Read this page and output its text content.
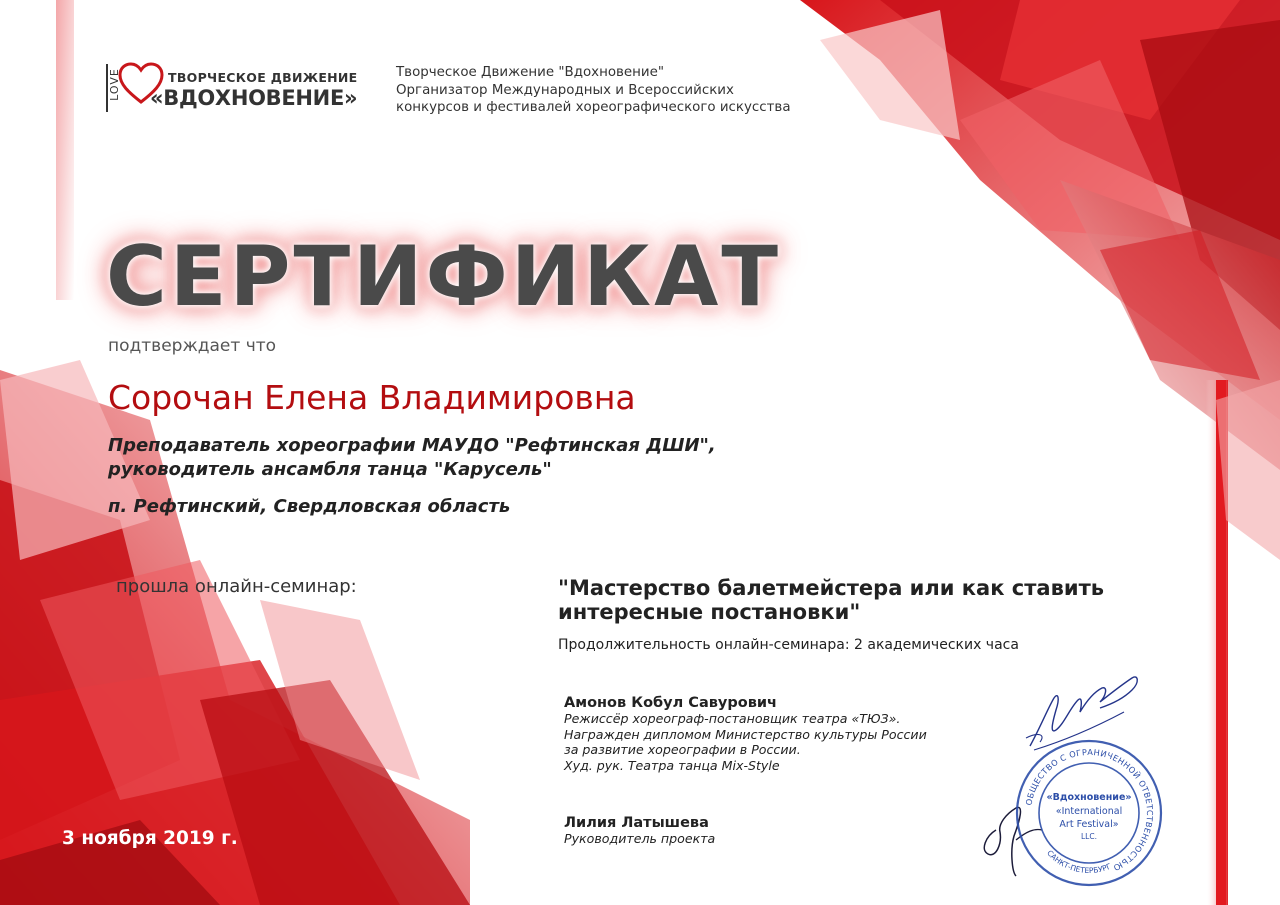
LOVE	ТВОРЧЕСКОЕ ДВИЖЕНИЕ
«ВДОХНОВЕНИЕ»
Творческое Движение "Вдохновение"
Организатор Международных и Всероссийских
конкурсов и фестивалей хореографического искусства
СЕРТИФИКАТ
подтверждает что
Сорочан Елена Владимировна
Преподаватель хореографии МАУДО "Рефтинская ДШИ",
руководитель ансамбля танца "Карусель"
п. Рефтинский, Свердловская область
прошла онлайн-семинар:	"Мастерство балетмейстера или как ставить
интересные постановки"
Продолжительность онлайн-семинара: 2 академических часа
Амонов Кобул Савурович
Режиссёр хореограф-постановщик театра «ТЮЗ».
Награжден дипломом Министерство культуры России
за развитие хореографии в России.
Худ. рук. Театра танца Mix-Style
Лилия Латышева
Руководитель проекта
3 ноября 2019 г.
ОБЩЕСТВО С ОГРАНИЧЕННОЙ ОТВЕТСТВЕННОСТЬЮ
САНКТ-ПЕТЕРБУРГ
«Вдохновение»
«International
Art Festival»
LLC.
